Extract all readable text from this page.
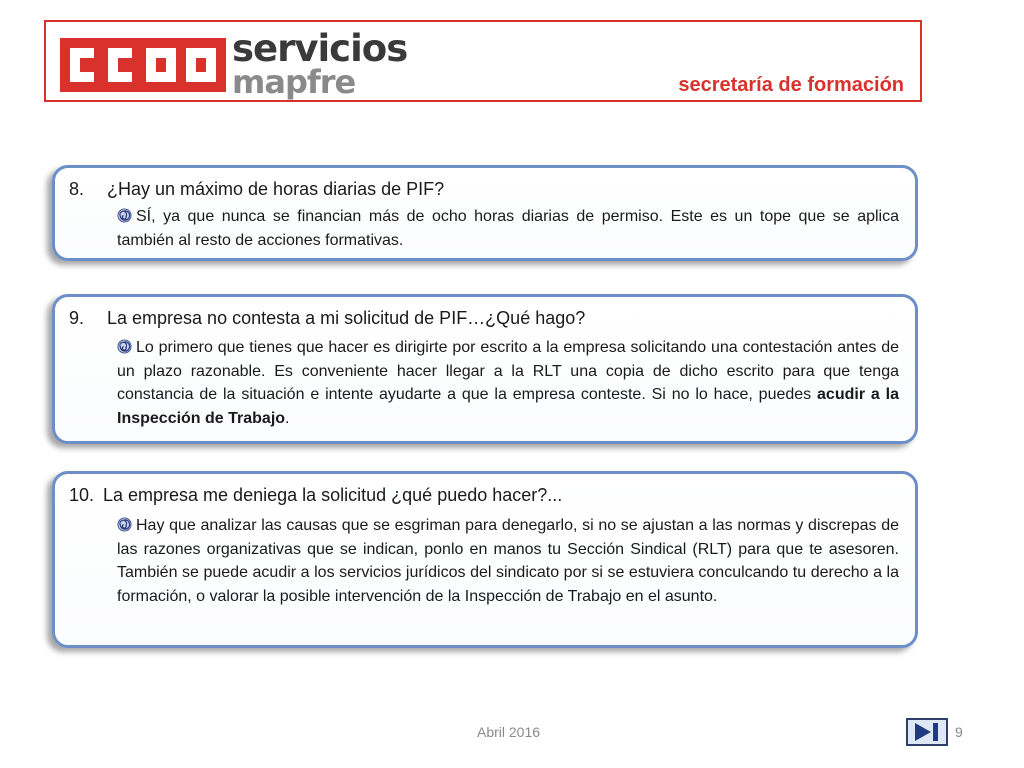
servicios
mapfre	secretaría de formación
8. ¿Hay un máximo de horas diarias de PIF?
SÍ, ya que nunca se financian más de ocho horas diarias de permiso. Este es un tope que se aplica también al resto de acciones formativas.
9. La empresa no contesta a mi solicitud de PIF…¿Qué hago?
Lo primero que tienes que hacer es dirigirte por escrito a la empresa solicitando una contestación antes de un plazo razonable. Es conveniente hacer llegar a la RLT una copia de dicho escrito para que tenga constancia de la situación e intente ayudarte a que la empresa conteste. Si no lo hace, puedes acudir a la Inspección de Trabajo.
10. La empresa me deniega la solicitud ¿qué puedo hacer?...
Hay que analizar las causas que se esgriman para denegarlo, si no se ajustan a las normas y discrepas de las razones organizativas que se indican, ponlo en manos tu Sección Sindical (RLT) para que te asesoren. También se puede acudir a los servicios jurídicos del sindicato por si se estuviera conculcando tu derecho a la formación, o valorar la posible intervención de la Inspección de Trabajo en el asunto.
Abril 2016	9
